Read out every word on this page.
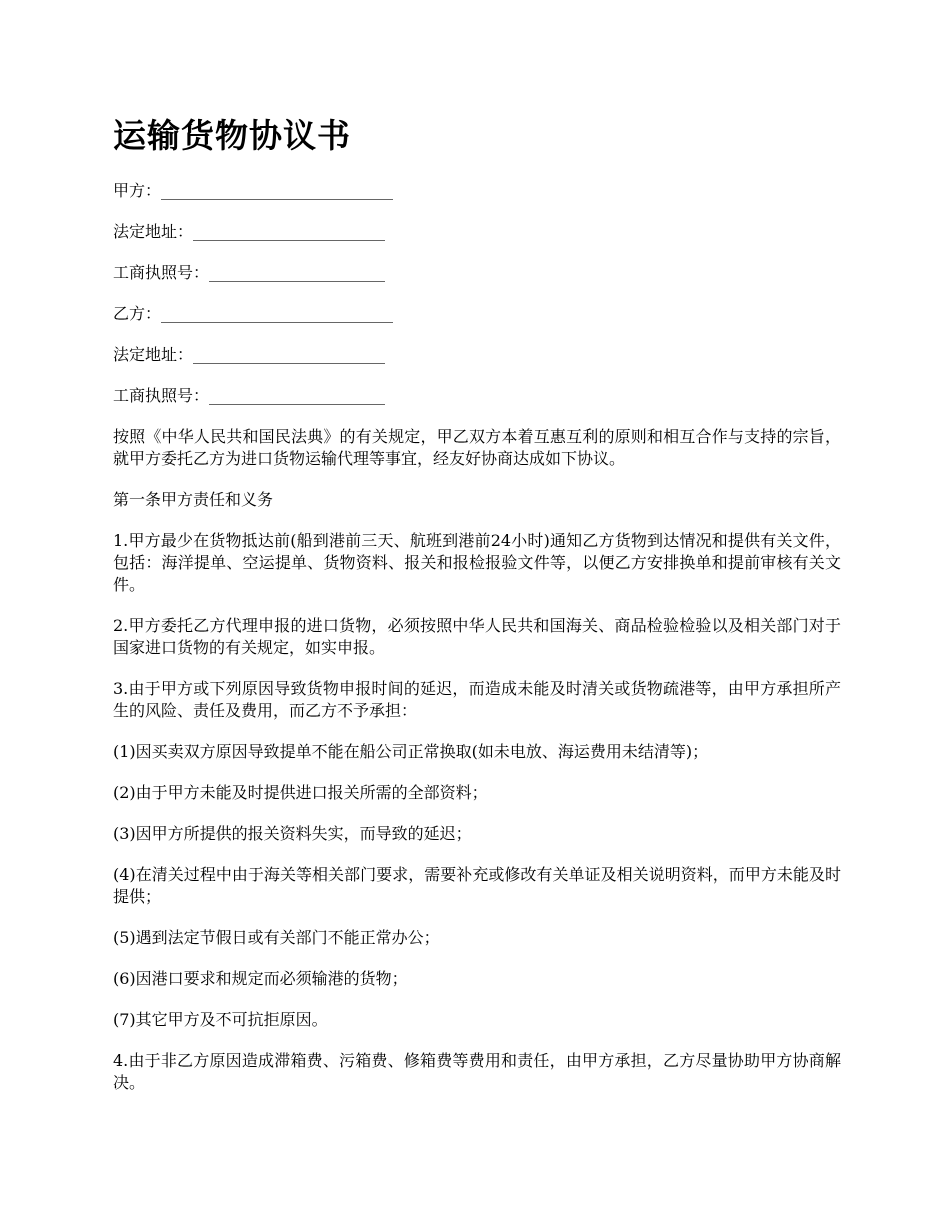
运输货物协议书
甲方：_____________________________
法定地址：________________________
工商执照号：______________________
乙方：_____________________________
法定地址：________________________
工商执照号：______________________

按照《中华人民共和国民法典》的有关规定，甲乙双方本着互惠互利的原则和相互合作与支持的宗旨，就甲方委托乙方为进口货物运输代理等事宜，经友好协商达成如下协议。

第一条甲方责任和义务

1.甲方最少在货物抵达前(船到港前三天、航班到港前24小时)通知乙方货物到达情况和提供有关文件，包括：海洋提单、空运提单、货物资料、报关和报检报验文件等，以便乙方安排换单和提前审核有关文件。

2.甲方委托乙方代理申报的进口货物，必须按照中华人民共和国海关、商品检验检验以及相关部门对于国家进口货物的有关规定，如实申报。

3.由于甲方或下列原因导致货物申报时间的延迟，而造成未能及时清关或货物疏港等，由甲方承担所产生的风险、责任及费用，而乙方不予承担：

(1)因买卖双方原因导致提单不能在船公司正常换取(如未电放、海运费用未结清等)；

(2)由于甲方未能及时提供进口报关所需的全部资料；

(3)因甲方所提供的报关资料失实，而导致的延迟；

(4)在清关过程中由于海关等相关部门要求，需要补充或修改有关单证及相关说明资料，而甲方未能及时提供；

(5)遇到法定节假日或有关部门不能正常办公；

(6)因港口要求和规定而必须输港的货物；

(7)其它甲方及不可抗拒原因。

4.由于非乙方原因造成滞箱费、污箱费、修箱费等费用和责任，由甲方承担，乙方尽量协助甲方协商解决。
